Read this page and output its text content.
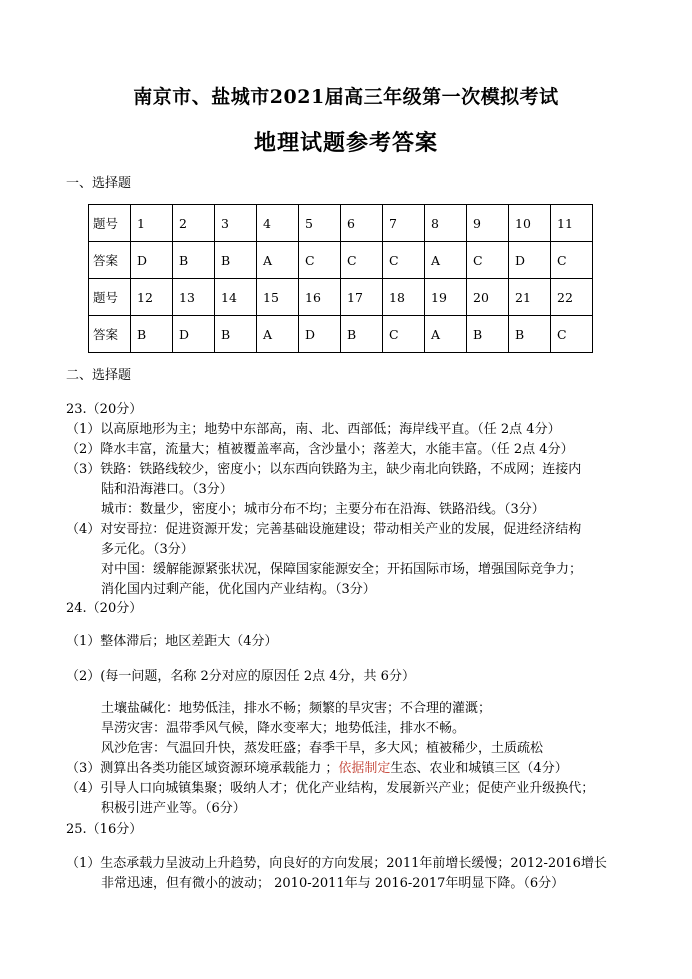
南京市、盐城市2021届高三年级第一次模拟考试
地理试题参考答案
一、选择题
题号	1	2	3	4	5	6	7	8	9	10	11
答案	D	B	B	A	C	C	C	A	C	D	C
题号	12	13	14	15	16	17	18	19	20	21	22
答案	B	D	B	A	D	B	C	A	B	B	C
二、选择题
23.（20分）
（1）以高原地形为主；地势中东部高，南、北、西部低；海岸线平直。（任 2点 4分）
（2）降水丰富，流量大；植被覆盖率高，含沙量小；落差大，水能丰富。（任 2点 4分）
（3）铁路：铁路线较少，密度小；以东西向铁路为主，缺少南北向铁路，不成网；连接内
陆和沿海港口。（3分）
城市：数量少，密度小；城市分布不均；主要分布在沿海、铁路沿线。（3分）
（4）对安哥拉：促进资源开发；完善基础设施建设；带动相关产业的发展，促进经济结构
多元化。（3分）
对中国：缓解能源紧张状况，保障国家能源安全；开拓国际市场，增强国际竞争力；
消化国内过剩产能，优化国内产业结构。（3分）
24.（20分）
（1）整体滞后；地区差距大（4分）
（2）(每一问题，名称 2分对应的原因任 2点 4分，共 6分）
土壤盐碱化：地势低洼，排水不畅；频繁的旱灾害；不合理的灌溉；
旱涝灾害：温带季风气候，降水变率大；地势低洼，排水不畅。
风沙危害：气温回升快，蒸发旺盛；春季干旱，多大风；植被稀少，土质疏松
（3）测算出各类功能区域资源环境承载能力 ；依据制定生态、农业和城镇三区（4分）
（4）引导人口向城镇集聚；吸纳人才；优化产业结构，发展新兴产业；促使产业升级换代；
积极引进产业等。（6分）
25.（16分）
（1）生态承载力呈波动上升趋势，向良好的方向发展；2011年前增长缓慢；2012-2016增长
非常迅速，但有微小的波动； 2010-2011年与 2016-2017年明显下降。（6分）
